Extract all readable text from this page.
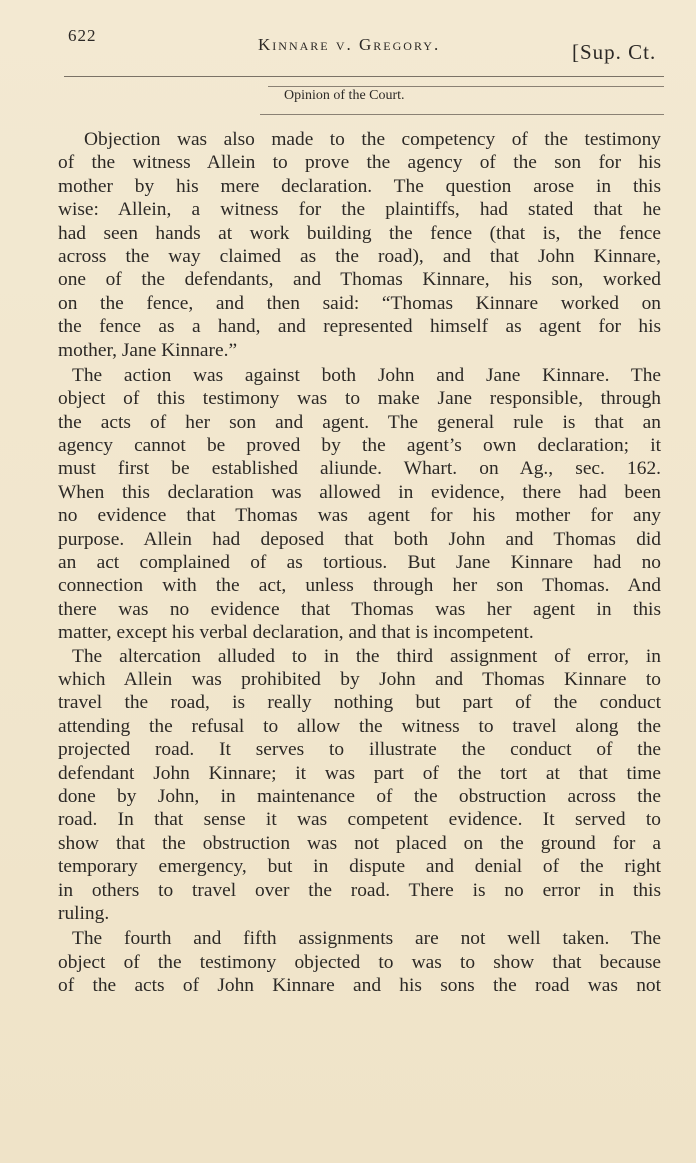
622	Kinnare v. Gregory.	[Sup. Ct.
Opinion of the Court.
Objection was also made to the competency of the testimony
of the witness Allein to prove the agency of the son for his
mother by his mere declaration. The question arose in this
wise: Allein, a witness for the plaintiffs, had stated that he
had seen hands at work building the fence (that is, the fence
across the way claimed as the road), and that John Kinnare,
one of the defendants, and Thomas Kinnare, his son, worked
on the fence, and then said: “Thomas Kinnare worked on
the fence as a hand, and represented himself as agent for his
mother, Jane Kinnare.”
The action was against both John and Jane Kinnare. The
object of this testimony was to make Jane responsible, through
the acts of her son and agent. The general rule is that an
agency cannot be proved by the agent’s own declaration; it
must first be established aliunde. Whart. on Ag., sec. 162.
When this declaration was allowed in evidence, there had been
no evidence that Thomas was agent for his mother for any
purpose. Allein had deposed that both John and Thomas did
an act complained of as tortious. But Jane Kinnare had no
connection with the act, unless through her son Thomas. And
there was no evidence that Thomas was her agent in this
matter, except his verbal declaration, and that is incompetent.
The altercation alluded to in the third assignment of error, in
which Allein was prohibited by John and Thomas Kinnare to
travel the road, is really nothing but part of the conduct
attending the refusal to allow the witness to travel along the
projected road. It serves to illustrate the conduct of the
defendant John Kinnare; it was part of the tort at that time
done by John, in maintenance of the obstruction across the
road. In that sense it was competent evidence. It served to
show that the obstruction was not placed on the ground for a
temporary emergency, but in dispute and denial of the right
in others to travel over the road. There is no error in this
ruling.
The fourth and fifth assignments are not well taken. The
object of the testimony objected to was to show that because
of the acts of John Kinnare and his sons the road was not
